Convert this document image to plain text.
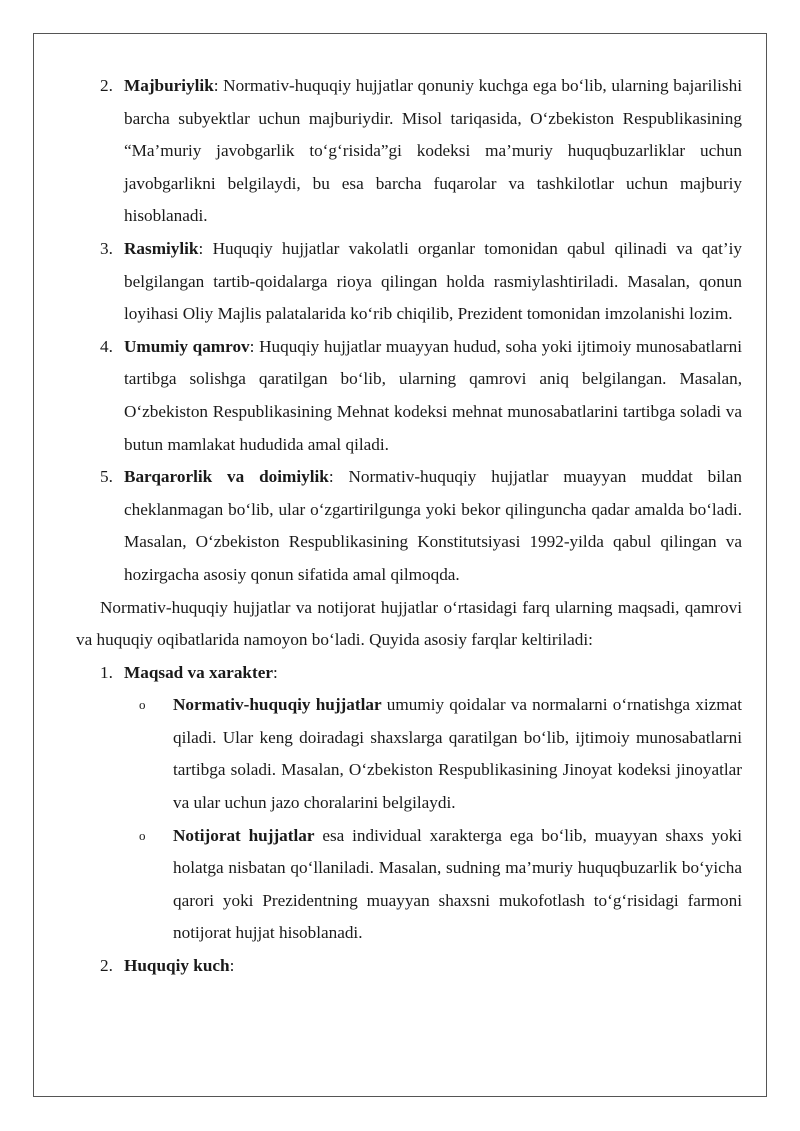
2. Majburiylik: Normativ-huquqiy hujjatlar qonuniy kuchga ega bo‘lib, ularning bajarilishi barcha subyektlar uchun majburiydir. Misol tariqasida, O‘zbekiston Respublikasining “Ma’muriy javobgarlik to‘g‘risida”gi kodeksi ma’muriy huquqbuzarliklar uchun javobgarlikni belgilaydi, bu esa barcha fuqarolar va tashkilotlar uchun majburiy hisoblanadi.
3. Rasmiylik: Huquqiy hujjatlar vakolatli organlar tomonidan qabul qilinadi va qat’iy belgilangan tartib-qoidalarga rioya qilingan holda rasmiylashtiriladi. Masalan, qonun loyihasi Oliy Majlis palatalarida ko‘rib chiqilib, Prezident tomonidan imzolanishi lozim.
4. Umumiy qamrov: Huquqiy hujjatlar muayyan hudud, soha yoki ijtimoiy munosabatlarni tartibga solishga qaratilgan bo‘lib, ularning qamrovi aniq belgilangan. Masalan, O‘zbekiston Respublikasining Mehnat kodeksi mehnat munosabatlarini tartibga soladi va butun mamlakat hududida amal qiladi.
5. Barqarorlik va doimiylik: Normativ-huquqiy hujjatlar muayyan muddat bilan cheklanmagan bo‘lib, ular o‘zgartirilgunga yoki bekor qilinguncha qadar amalda bo‘ladi. Masalan, O‘zbekiston Respublikasining Konstitutsiyasi 1992-yilda qabul qilingan va hozirgacha asosiy qonun sifatida amal qilmoqda.
Normativ-huquqiy hujjatlar va notijorat hujjatlar o‘rtasidagi farq ularning maqsadi, qamrovi va huquqiy oqibatlarida namoyon bo‘ladi. Quyida asosiy farqlar keltiriladi:
1. Maqsad va xarakter:
o Normativ-huquqiy hujjatlar umumiy qoidalar va normalarni o‘rnatishga xizmat qiladi. Ular keng doiradagi shaxslarga qaratilgan bo‘lib, ijtimoiy munosabatlarni tartibga soladi. Masalan, O‘zbekiston Respublikasining Jinoyat kodeksi jinoyatlar va ular uchun jazo choralarini belgilaydi.
o Notijorat hujjatlar esa individual xarakterga ega bo‘lib, muayyan shaxs yoki holatga nisbatan qo‘llaniladi. Masalan, sudning ma’muriy huquqbuzarlik bo‘yicha qarori yoki Prezidentning muayyan shaxsni mukofotlash to‘g‘risidagi farmoni notijorat hujjat hisoblanadi.
2. Huquqiy kuch:
